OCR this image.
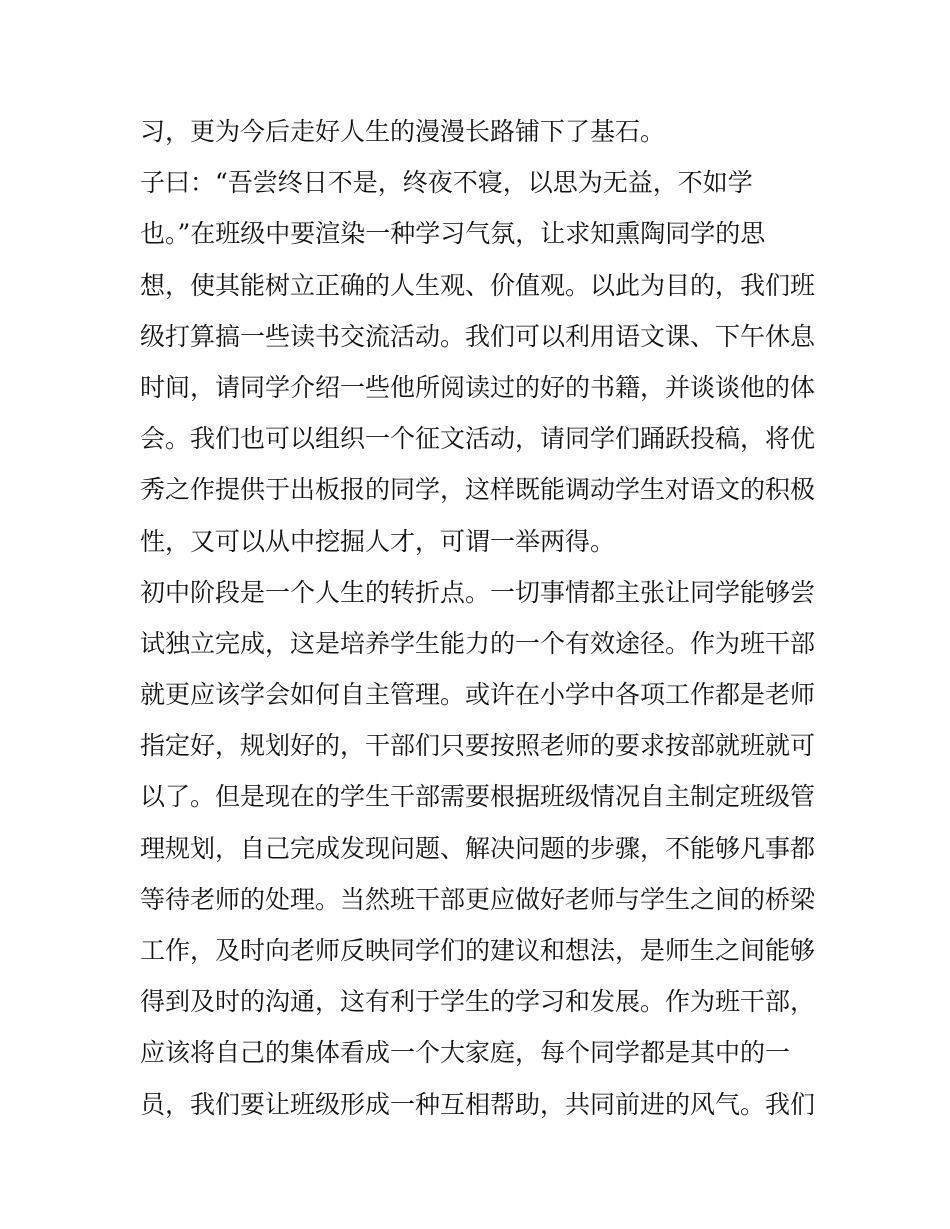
习，更为今后走好人生的漫漫长路铺下了基石。
子曰：“吾尝终日不是，终夜不寝，以思为无益，不如学
也。”在班级中要渲染一种学习气氛，让求知熏陶同学的思
想，使其能树立正确的人生观、价值观。以此为目的，我们班
级打算搞一些读书交流活动。我们可以利用语文课、下午休息
时间，请同学介绍一些他所阅读过的好的书籍，并谈谈他的体
会。我们也可以组织一个征文活动，请同学们踊跃投稿，将优
秀之作提供于出板报的同学，这样既能调动学生对语文的积极
性，又可以从中挖掘人才，可谓一举两得。
初中阶段是一个人生的转折点。一切事情都主张让同学能够尝
试独立完成，这是培养学生能力的一个有效途径。作为班干部
就更应该学会如何自主管理。或许在小学中各项工作都是老师
指定好，规划好的，干部们只要按照老师的要求按部就班就可
以了。但是现在的学生干部需要根据班级情况自主制定班级管
理规划，自己完成发现问题、解决问题的步骤，不能够凡事都
等待老师的处理。当然班干部更应做好老师与学生之间的桥梁
工作，及时向老师反映同学们的建议和想法，是师生之间能够
得到及时的沟通，这有利于学生的学习和发展。作为班干部，
应该将自己的集体看成一个大家庭，每个同学都是其中的一
员，我们要让班级形成一种互相帮助，共同前进的风气。我们
